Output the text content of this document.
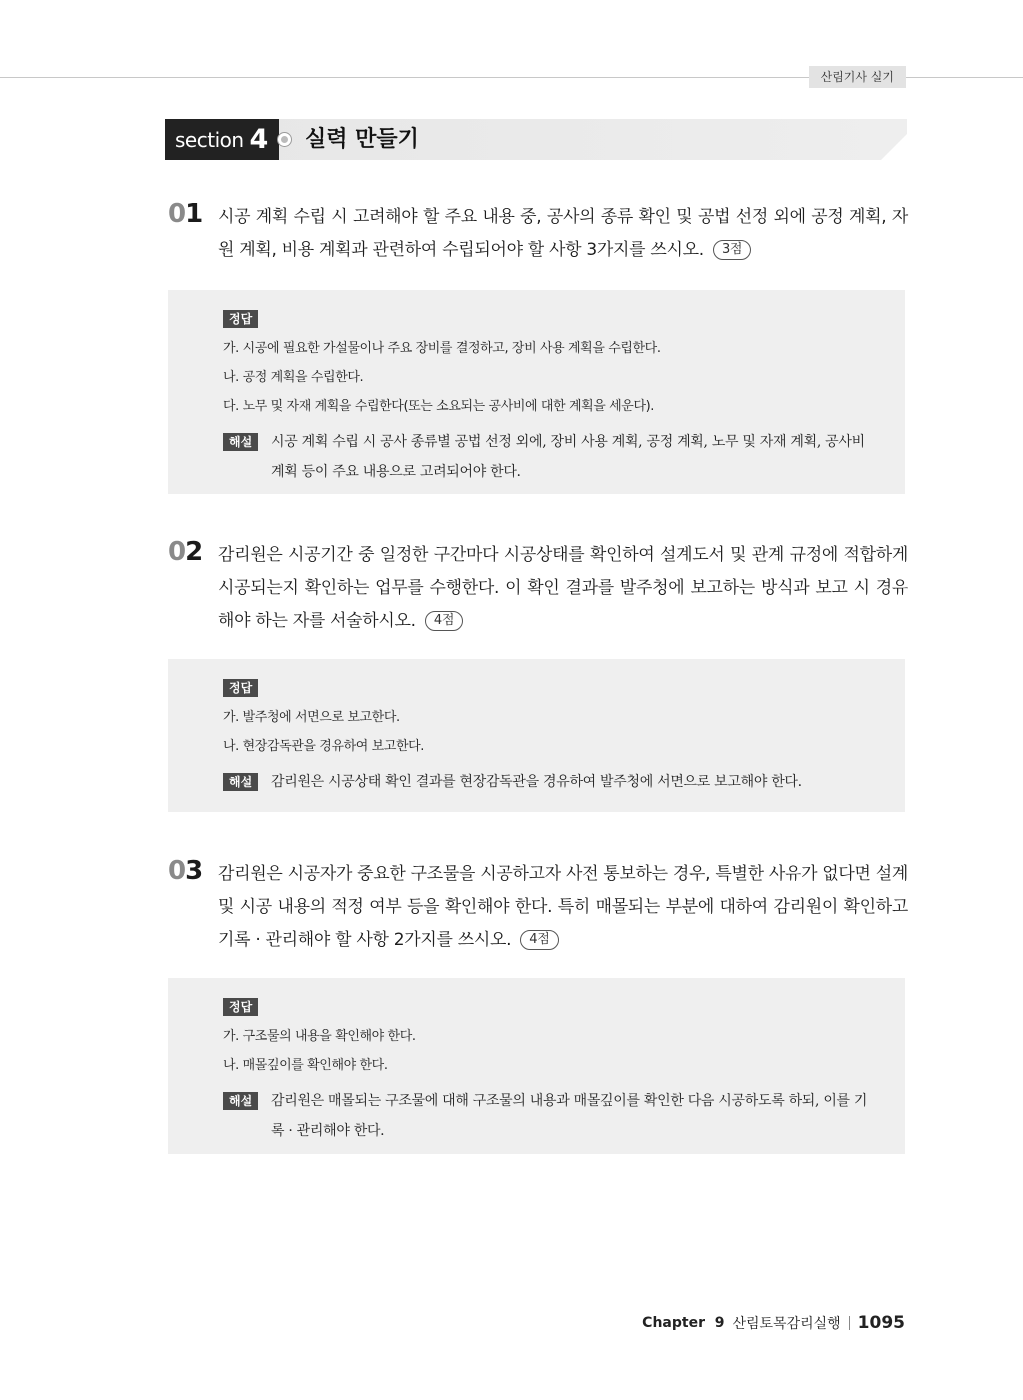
산림기사 실기
section 4 실력 만들기
01 시공 계획 수립 시 고려해야 할 주요 내용 중, 공사의 종류 확인 및 공법 선정 외에 공정 계획, 자원 계획, 비용 계획과 관련하여 수립되어야 할 사항 3가지를 쓰시오. 3점
정답
가. 시공에 필요한 가설물이나 주요 장비를 결정하고, 장비 사용 계획을 수립한다.
나. 공정 계획을 수립한다.
다. 노무 및 자재 계획을 수립한다(또는 소요되는 공사비에 대한 계획을 세운다).
해설	시공 계획 수립 시 공사 종류별 공법 선정 외에, 장비 사용 계획, 공정 계획, 노무 및 자재 계획, 공사비 계획 등이 주요 내용으로 고려되어야 한다.
02 감리원은 시공기간 중 일정한 구간마다 시공상태를 확인하여 설계도서 및 관계 규정에 적합하게 시공되는지 확인하는 업무를 수행한다. 이 확인 결과를 발주청에 보고하는 방식과 보고 시 경유해야 하는 자를 서술하시오. 4점
정답
가. 발주청에 서면으로 보고한다.
나. 현장감독관을 경유하여 보고한다.
해설	감리원은 시공상태 확인 결과를 현장감독관을 경유하여 발주청에 서면으로 보고해야 한다.
03 감리원은 시공자가 중요한 구조물을 시공하고자 사전 통보하는 경우, 특별한 사유가 없다면 설계 및 시공 내용의 적정 여부 등을 확인해야 한다. 특히 매몰되는 부분에 대하여 감리원이 확인하고 기록 · 관리해야 할 사항 2가지를 쓰시오. 4점
정답
가. 구조물의 내용을 확인해야 한다.
나. 매몰깊이를 확인해야 한다.
해설	감리원은 매몰되는 구조물에 대해 구조물의 내용과 매몰깊이를 확인한 다음 시공하도록 하되, 이를 기록 · 관리해야 한다.
Chapter  9 산림토목감리실행 1095
